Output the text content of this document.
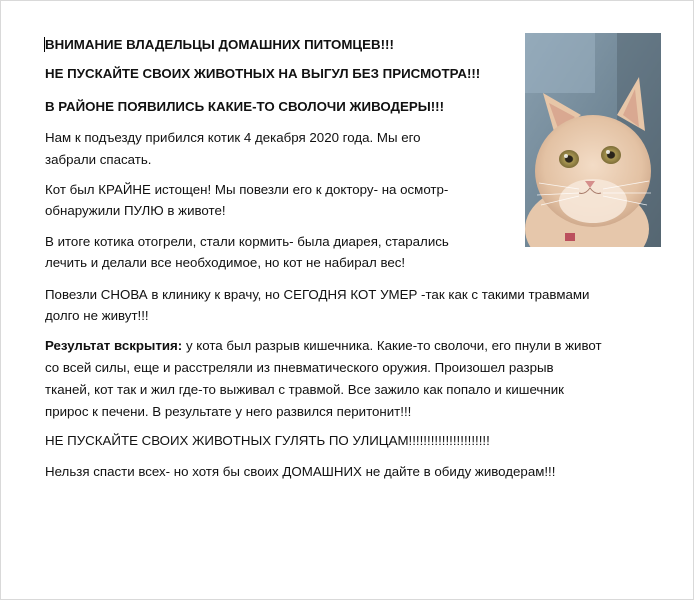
ВНИМАНИЕ ВЛАДЕЛЬЦЫ ДОМАШНИХ ПИТОМЦЕВ!!!

НЕ ПУСКАЙТЕ СВОИХ ЖИВОТНЫХ НА ВЫГУЛ БЕЗ ПРИСМОТРА!!!

В РАЙОНЕ ПОЯВИЛИСЬ КАКИЕ-ТО СВОЛОЧИ ЖИВОДЕРЫ!!!

Нам к подъезду прибился котик 4 декабря 2020 года. Мы его

забрали спасать.

Кот был КРАЙНЕ истощен! Мы повезли его к доктору- на осмотр-

обнаружили ПУЛЮ в животе!

В итоге котика отогрели, стали кормить- была диарея, старались

лечить и делали все необходимое, но кот не набирал вес!

Повезли СНОВА в клинику к врачу, но СЕГОДНЯ КОТ УМЕР -так как с такими травмами

долго не живут!!!

Результат вскрытия: у кота был разрыв кишечника. Какие-то сволочи, его пнули в живот

со всей силы, еще и расстреляли из пневматического оружия. Произошел разрыв

тканей, кот так и жил где-то выживал с травмой. Все зажило как попало и кишечник

прирос к печени. В результате у него развился перитонит!!!

НЕ ПУСКАЙТЕ СВОИХ ЖИВОТНЫХ ГУЛЯТЬ ПО УЛИЦАМ!!!!!!!!!!!!!!!!!!!!!!

Нельзя спасти всех- но хотя бы своих ДОМАШНИХ не дайте в обиду живодерам!!!
